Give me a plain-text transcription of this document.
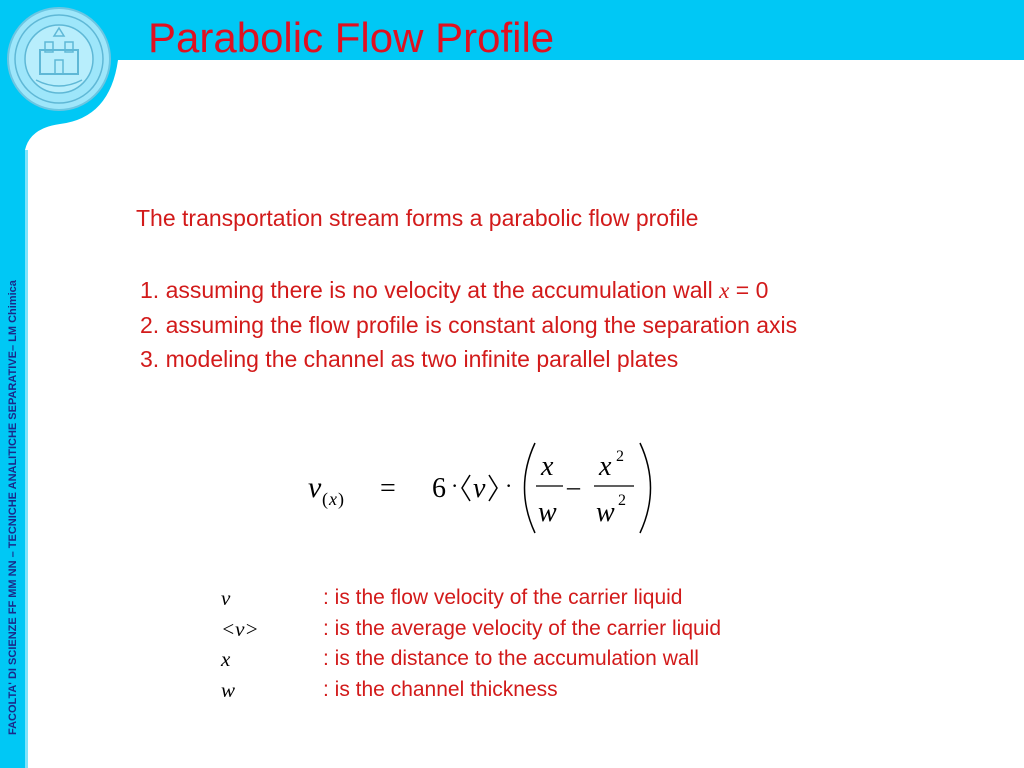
Parabolic Flow Profile
FACOLTA' DI SCIENZE FF MM NN – TECNICHE ANALITICHE SEPARATIVE– LM Chimica

The transportation stream forms a parabolic flow profile

1. assuming there is no velocity at the accumulation wall x = 0
2. assuming the flow profile is constant along the separation axis
3. modeling the channel as two infinite parallel plates
v ( x ) = 6 · v ·
x
w
–
x 2
w 2
v	: is the flow velocity of the carrier liquid
<v>	: is the average velocity of the carrier liquid
x	: is the distance to the accumulation wall
w	: is the channel thickness
